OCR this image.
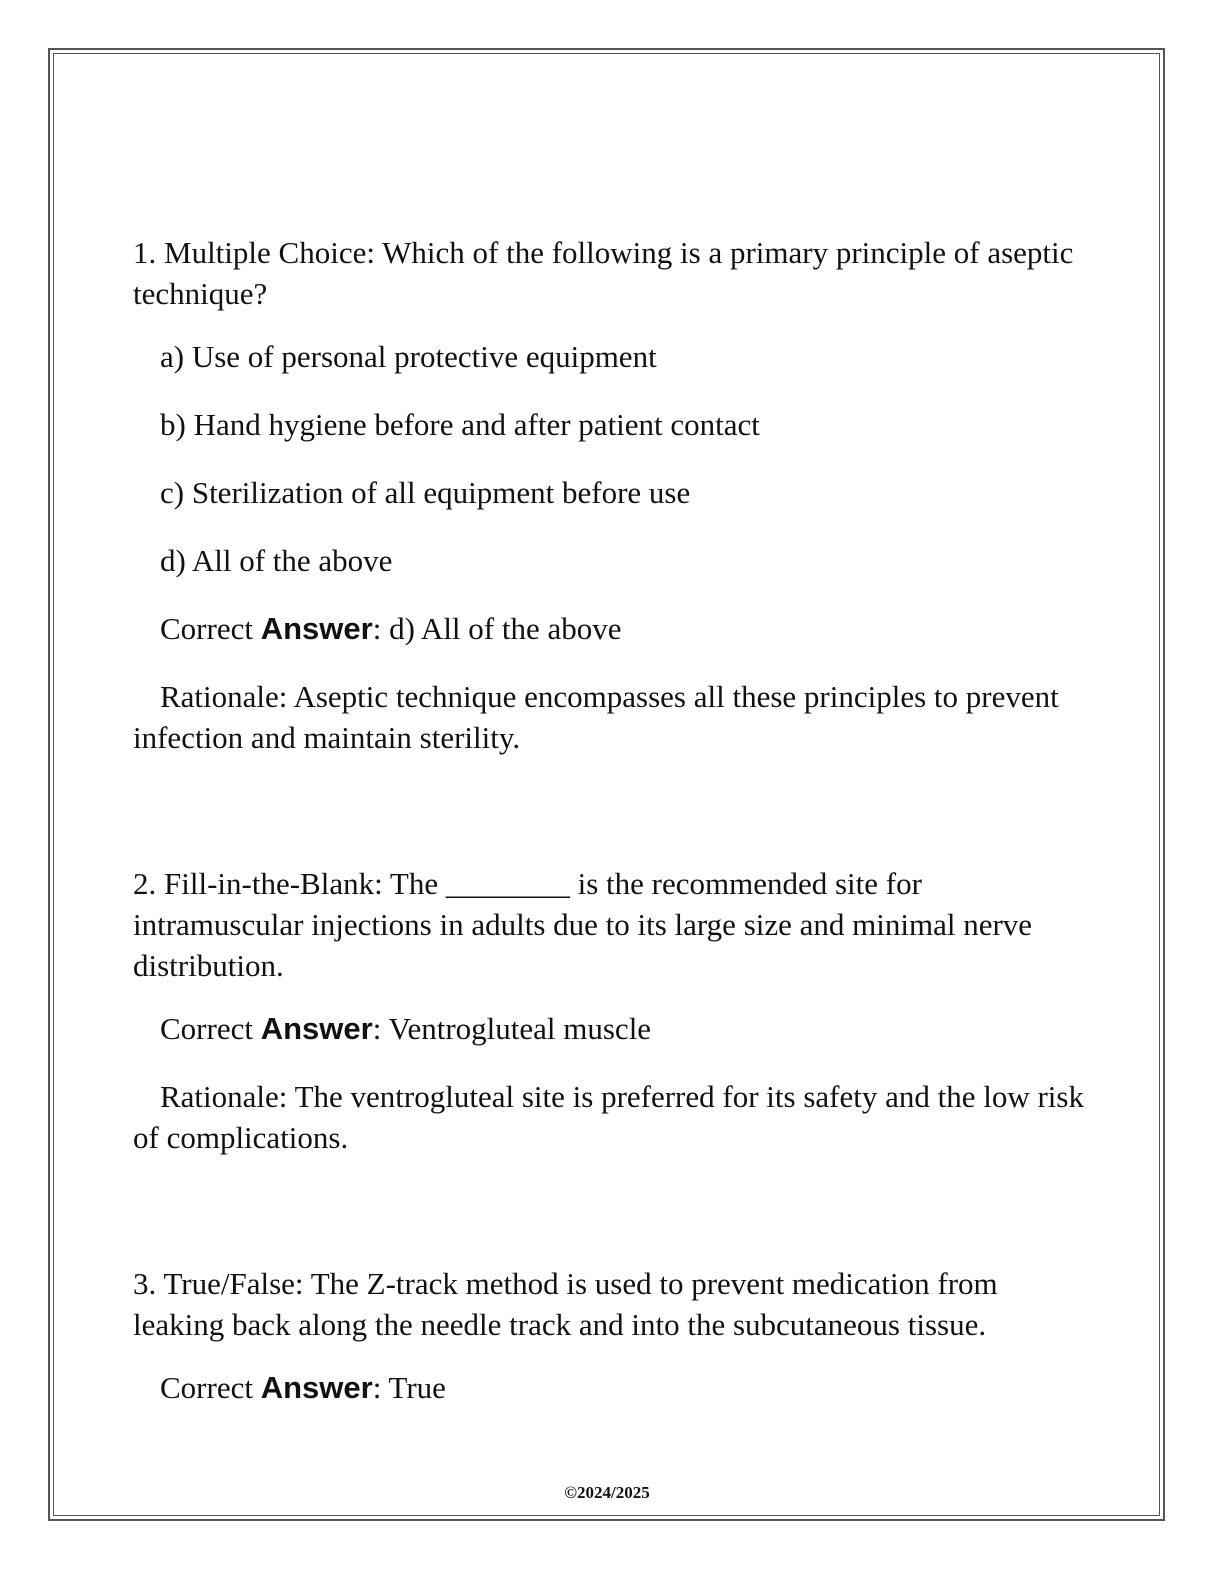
1. Multiple Choice: Which of the following is a primary principle of aseptic technique?

a) Use of personal protective equipment

b) Hand hygiene before and after patient contact

c) Sterilization of all equipment before use

d) All of the above

Correct Answer: d) All of the above

Rationale: Aseptic technique encompasses all these principles to prevent infection and maintain sterility.

2. Fill-in-the-Blank: The ________ is the recommended site for intramuscular injections in adults due to its large size and minimal nerve distribution.

Correct Answer: Ventrogluteal muscle

Rationale: The ventrogluteal site is preferred for its safety and the low risk of complications.

3. True/False: The Z-track method is used to prevent medication from leaking back along the needle track and into the subcutaneous tissue.

Correct Answer: True

©2024/2025
